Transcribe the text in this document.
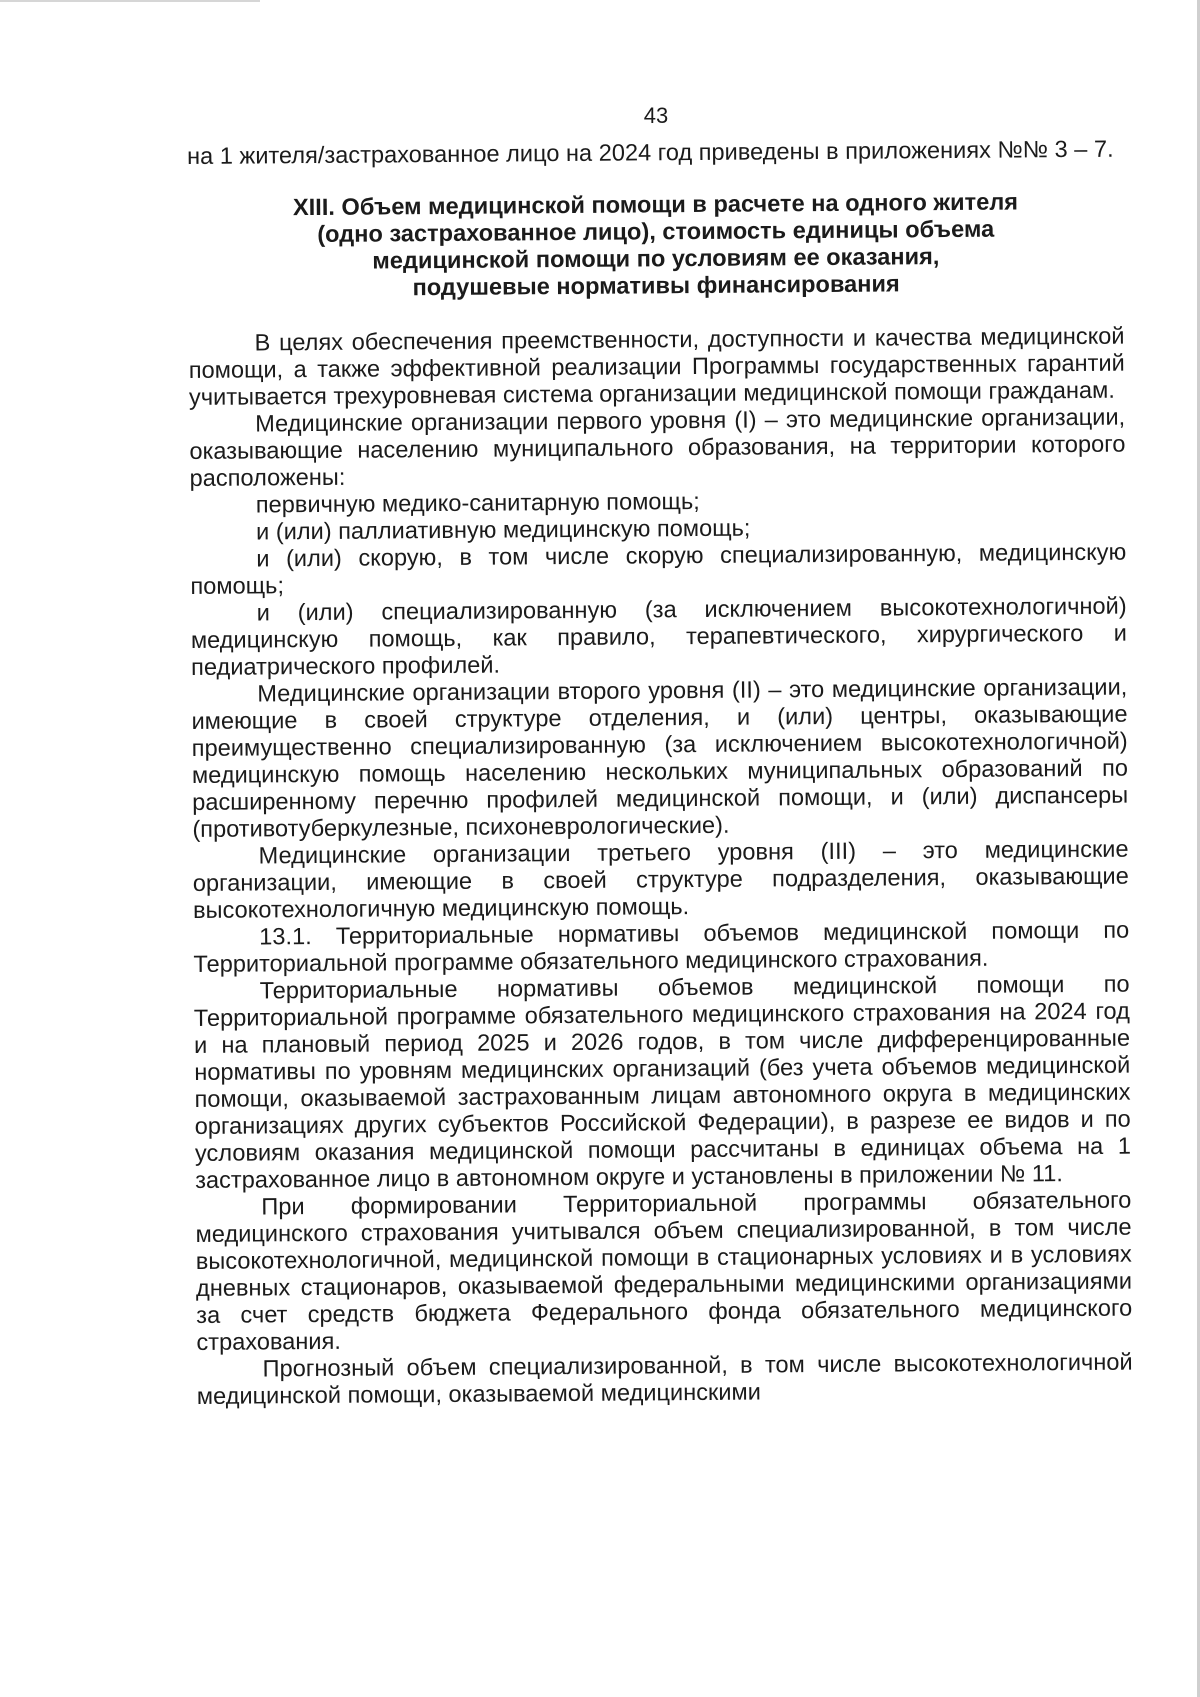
43

на 1 жителя/застрахованное лицо на 2024 год приведены в приложениях №№ 3 – 7.

XIII. Объем медицинской помощи в расчете на одного жителя
(одно застрахованное лицо), стоимость единицы объема
медицинской помощи по условиям ее оказания,
подушевые нормативы финансирования

В целях обеспечения преемственности, доступности и качества медицинской помощи, а также эффективной реализации Программы государственных гарантий учитывается трехуровневая система организации медицинской помощи гражданам.

Медицинские организации первого уровня (I) – это медицинские организации, оказывающие населению муниципального образования, на территории которого расположены:

первичную медико-санитарную помощь;

и (или) паллиативную медицинскую помощь;

и (или) скорую, в том числе скорую специализированную, медицинскую помощь;

и (или) специализированную (за исключением высокотехнологичной) медицинскую помощь, как правило, терапевтического, хирургического и педиатрического профилей.

Медицинские организации второго уровня (II) – это медицинские организации, имеющие в своей структуре отделения, и (или) центры, оказывающие преимущественно специализированную (за исключением высокотехнологичной) медицинскую помощь населению нескольких муниципальных образований по расширенному перечню профилей медицинской помощи, и (или) диспансеры (противотуберкулезные, психоневрологические).

Медицинские организации третьего уровня (III) – это медицинские организации, имеющие в своей структуре подразделения, оказывающие высокотехнологичную медицинскую помощь.

13.1. Территориальные нормативы объемов медицинской помощи по Территориальной программе обязательного медицинского страхования.

Территориальные нормативы объемов медицинской помощи по Территориальной программе обязательного медицинского страхования на 2024 год и на плановый период 2025 и 2026 годов, в том числе дифференцированные нормативы по уровням медицинских организаций (без учета объемов медицинской помощи, оказываемой застрахованным лицам автономного округа в медицинских организациях других субъектов Российской Федерации), в разрезе ее видов и по условиям оказания медицинской помощи рассчитаны в единицах объема на 1 застрахованное лицо в автономном округе и установлены в приложении № 11.

При формировании Территориальной программы обязательного медицинского страхования учитывался объем специализированной, в том числе высокотехнологичной, медицинской помощи в стационарных условиях и в условиях дневных стационаров, оказываемой федеральными медицинскими организациями за счет средств бюджета Федерального фонда обязательного медицинского страхования.

Прогнозный объем специализированной, в том числе высокотехнологичной медицинской помощи, оказываемой медицинскими
